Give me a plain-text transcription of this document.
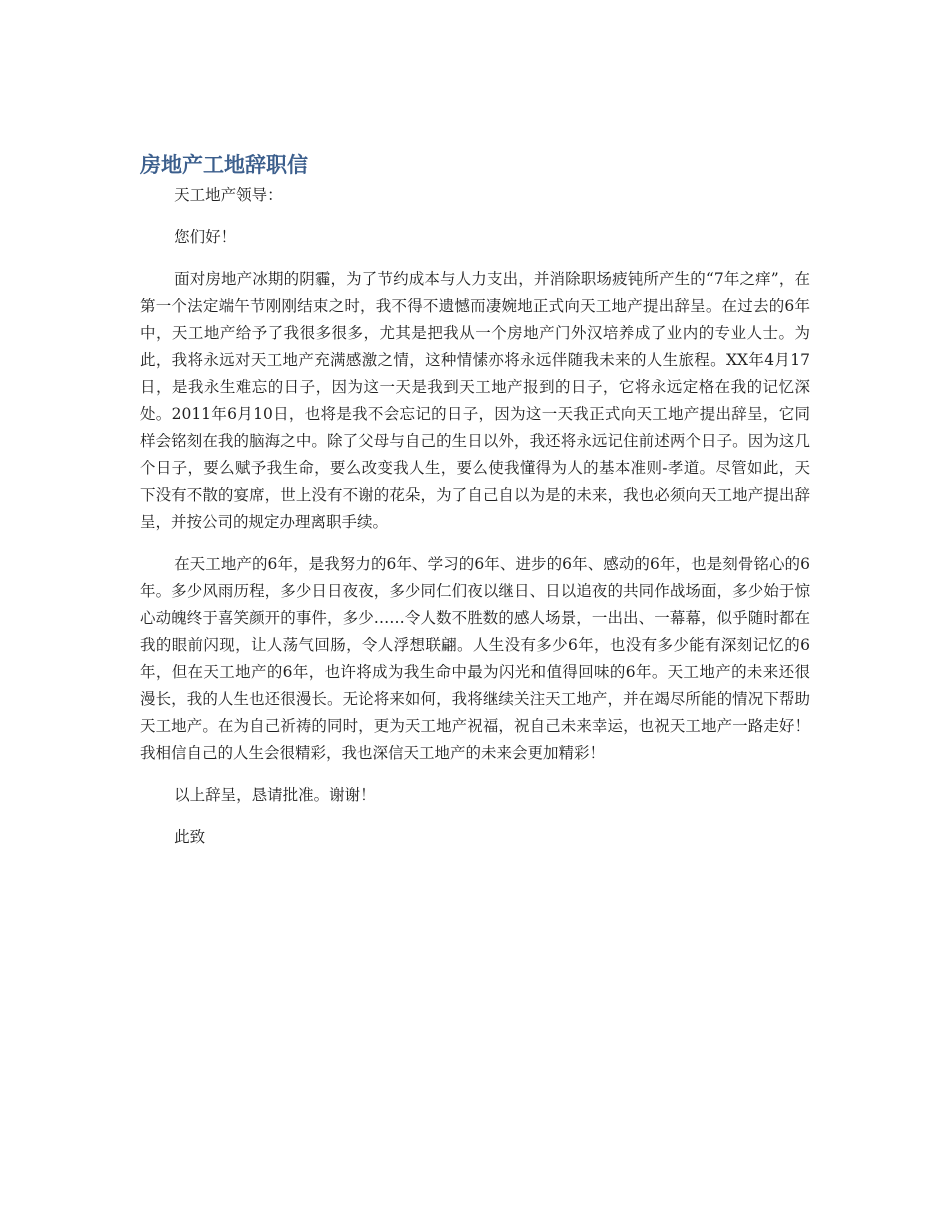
房地产工地辞职信

天工地产领导：

您们好！

面对房地产冰期的阴霾，为了节约成本与人力支出，并消除职场疲钝所产生的“7年之痒”，在第一个法定端午节刚刚结束之时，我不得不遗憾而凄婉地正式向天工地产提出辞呈。在过去的6年中，天工地产给予了我很多很多，尤其是把我从一个房地产门外汉培养成了业内的专业人士。为此，我将永远对天工地产充满感激之情，这种情愫亦将永远伴随我未来的人生旅程。XX年4月17日，是我永生难忘的日子，因为这一天是我到天工地产报到的日子，它将永远定格在我的记忆深处。2011年6月10日，也将是我不会忘记的日子，因为这一天我正式向天工地产提出辞呈，它同样会铭刻在我的脑海之中。除了父母与自己的生日以外，我还将永远记住前述两个日子。因为这几个日子，要么赋予我生命，要么改变我人生，要么使我懂得为人的基本准则-孝道。尽管如此，天下没有不散的宴席，世上没有不谢的花朵，为了自己自以为是的未来，我也必须向天工地产提出辞呈，并按公司的规定办理离职手续。

在天工地产的6年，是我努力的6年、学习的6年、进步的6年、感动的6年，也是刻骨铭心的6年。多少风雨历程，多少日日夜夜，多少同仁们夜以继日、日以追夜的共同作战场面，多少始于惊心动魄终于喜笑颜开的事件，多少……令人数不胜数的感人场景，一出出、一幕幕，似乎随时都在我的眼前闪现，让人荡气回肠，令人浮想联翩。人生没有多少6年，也没有多少能有深刻记忆的6年，但在天工地产的6年，也许将成为我生命中最为闪光和值得回味的6年。天工地产的未来还很漫长，我的人生也还很漫长。无论将来如何，我将继续关注天工地产，并在竭尽所能的情况下帮助天工地产。在为自己祈祷的同时，更为天工地产祝福，祝自己未来幸运，也祝天工地产一路走好！我相信自己的人生会很精彩，我也深信天工地产的未来会更加精彩！

以上辞呈，恳请批准。谢谢！

此致
